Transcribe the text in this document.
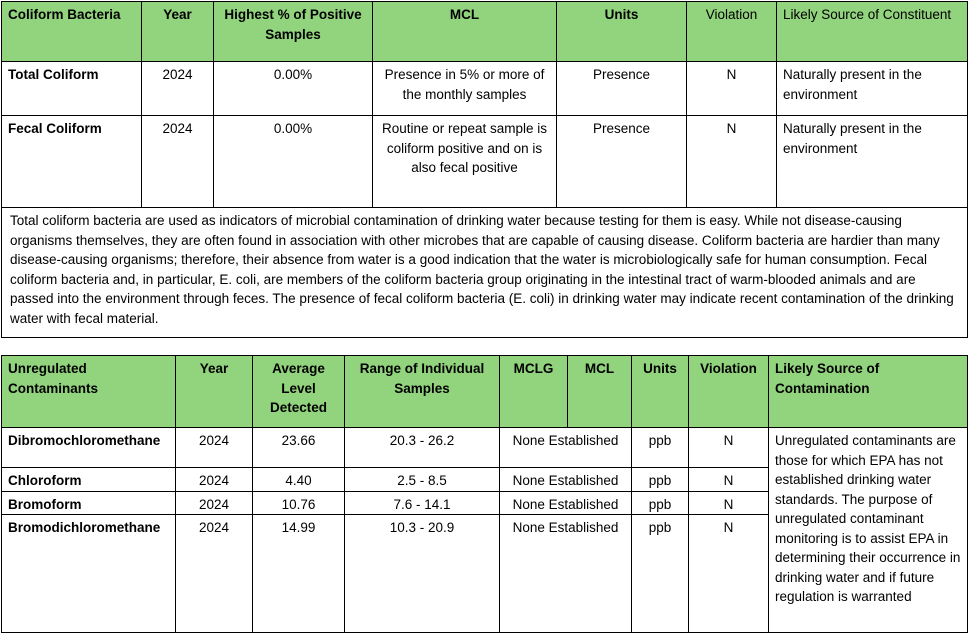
Coliform Bacteria	Year	Highest % of Positive Samples	MCL	Units	Violation	Likely Source of Constituent
Total Coliform	2024	0.00%	Presence in 5% or more of the monthly samples	Presence	N	Naturally present in the environment
Fecal Coliform	2024	0.00%	Routine or repeat sample is coliform positive and on is also fecal positive	Presence	N	Naturally present in the environment
Total coliform bacteria are used as indicators of microbial contamination of drinking water because testing for them is easy. While not disease-causing organisms themselves, they are often found in association with other microbes that are capable of causing disease. Coliform bacteria are hardier than many disease-causing organisms; therefore, their absence from water is a good indication that the water is microbiologically safe for human consumption. Fecal coliform bacteria and, in particular, E. coli, are members of the coliform bacteria group originating in the intestinal tract of warm-blooded animals and are passed into the environment through feces. The presence of fecal coliform bacteria (E. coli) in drinking water may indicate recent contamination of the drinking water with fecal material.						
Unregulated Contaminants	Year	Average Level Detected	Range of Individual Samples	MCLG	MCL	Units	Violation	Likely Source of Contamination
Dibromochloromethane	2024	23.66	20.3 - 26.2	None Established		ppb	N	Unregulated contaminants are those for which EPA has not established drinking water standards. The purpose of unregulated contaminant monitoring is to assist EPA in determining their occurrence in drinking water and if future regulation is warranted
Chloroform	2024	4.40	2.5 - 8.5	None Established		ppb	N	
Bromoform	2024	10.76	7.6 - 14.1	None Established		ppb	N	
Bromodichloromethane	2024	14.99	10.3 - 20.9	None Established		ppb	N	
